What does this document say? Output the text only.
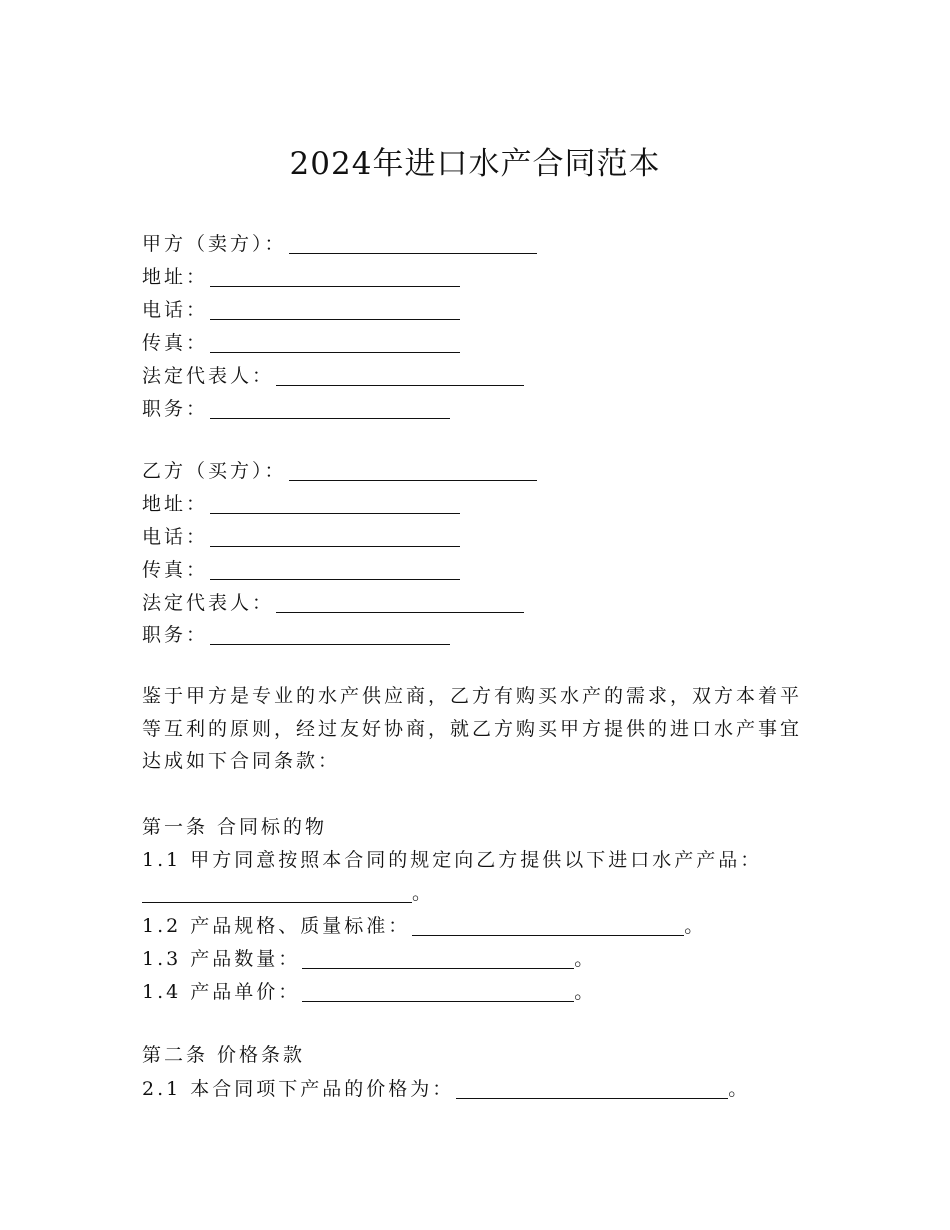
2024年进口水产合同范本
甲方（卖方）：
地址：
电话：
传真：
法定代表人：
职务：
乙方（买方）：
地址：
电话：
传真：
法定代表人：
职务：

鉴于甲方是专业的水产供应商，乙方有购买水产的需求，双方本着平等互利的原则，经过友好协商，就乙方购买甲方提供的进口水产事宜达成如下合同条款：

第一条 合同标的物
1.1 甲方同意按照本合同的规定向乙方提供以下进口水产产品：
。
1.2 产品规格、质量标准：	。
1.3 产品数量：	。
1.4 产品单价：	。
第二条 价格条款
2.1 本合同项下产品的价格为：	。
